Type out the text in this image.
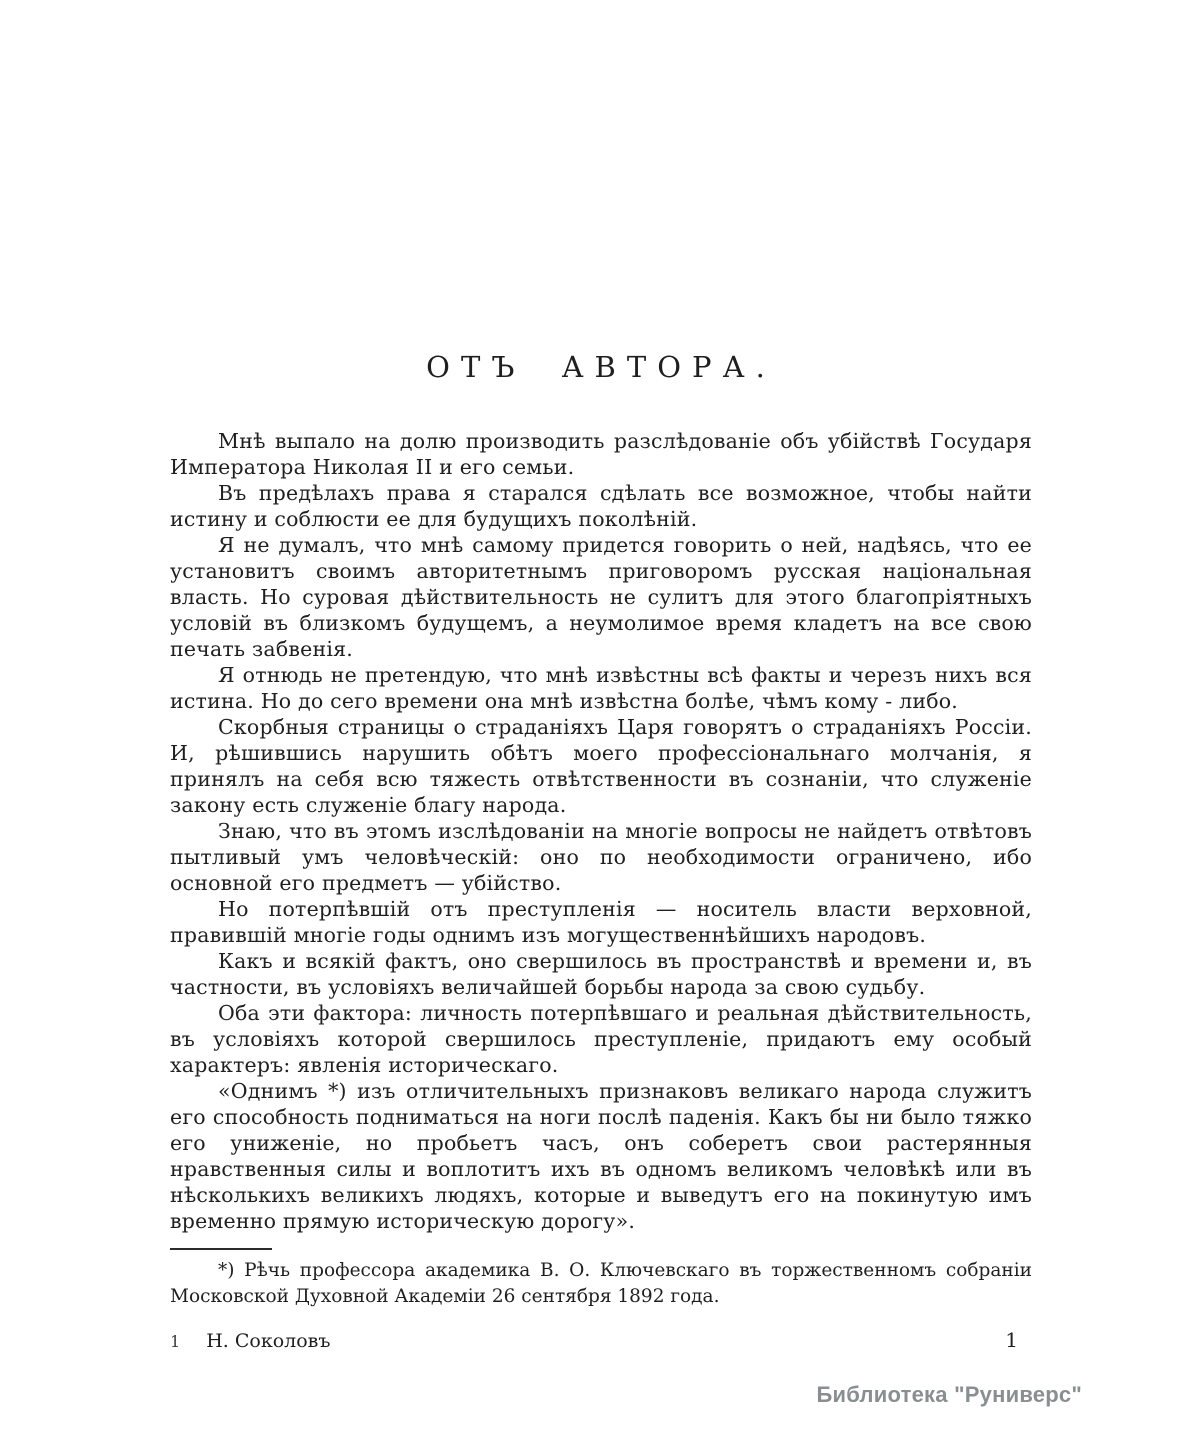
ОТЪ АВТОРА.

Мнѣ выпало на долю производить разслѣдованіе объ убійствѣ Государя Императора Николая II и его семьи.

Въ предѣлахъ права я старался сдѣлать все возможное, чтобы найти истину и соблюсти ее для будущихъ поколѣній.

Я не думалъ, что мнѣ самому придется говорить о ней, надѣясь, что ее установитъ своимъ авторитетнымъ приговоромъ русская національная власть. Но суровая дѣйствительность не сулитъ для этого благопріятныхъ условій въ близкомъ будущемъ, а неумолимое время кладетъ на все свою печать забвенія.

Я отнюдь не претендую, что мнѣ извѣстны всѣ факты и черезъ нихъ вся истина. Но до сего времени она мнѣ извѣстна болѣе, чѣмъ кому - либо.

Скорбныя страницы о страданіяхъ Царя говорятъ о страданіяхъ Россіи. И, рѣшившись нарушить обѣтъ моего профессіональнаго молчанія, я принялъ на себя всю тяжесть отвѣтственности въ сознаніи, что служеніе закону есть служеніе благу народа.

Знаю, что въ этомъ изслѣдованіи на многіе вопросы не найдетъ отвѣтовъ пытливый умъ человѣческій: оно по необходимости ограничено, ибо основной его предметъ — убійство.

Но потерпѣвшій отъ преступленія — носитель власти верховной, правившій многіе годы однимъ изъ могущественнѣйшихъ народовъ.

Какъ и всякій фактъ, оно свершилось въ пространствѣ и времени и, въ частности, въ условіяхъ величайшей борьбы народа за свою судьбу.

Оба эти фактора: личность потерпѣвшаго и реальная дѣйствительность, въ условіяхъ которой свершилось преступленіе, придаютъ ему особый характеръ: явленія историческаго.

«Однимъ *) изъ отличительныхъ признаковъ великаго народа служитъ его способность подниматься на ноги послѣ паденія. Какъ бы ни было тяжко его униженіе, но пробьетъ часъ, онъ соберетъ свои растерянныя нравственныя силы и воплотитъ ихъ въ одномъ великомъ человѣкѣ или въ нѣсколькихъ великихъ людяхъ, которые и выведутъ его на покинутую имъ временно прямую историческую дорогу».

*) Рѣчь профессора академика В. О. Ключевскаго въ торжественномъ собраніи Московской Духовной Академіи 26 сентября 1892 года.

1 Н. Соколовъ	1
Библиотека "Руниверс"
